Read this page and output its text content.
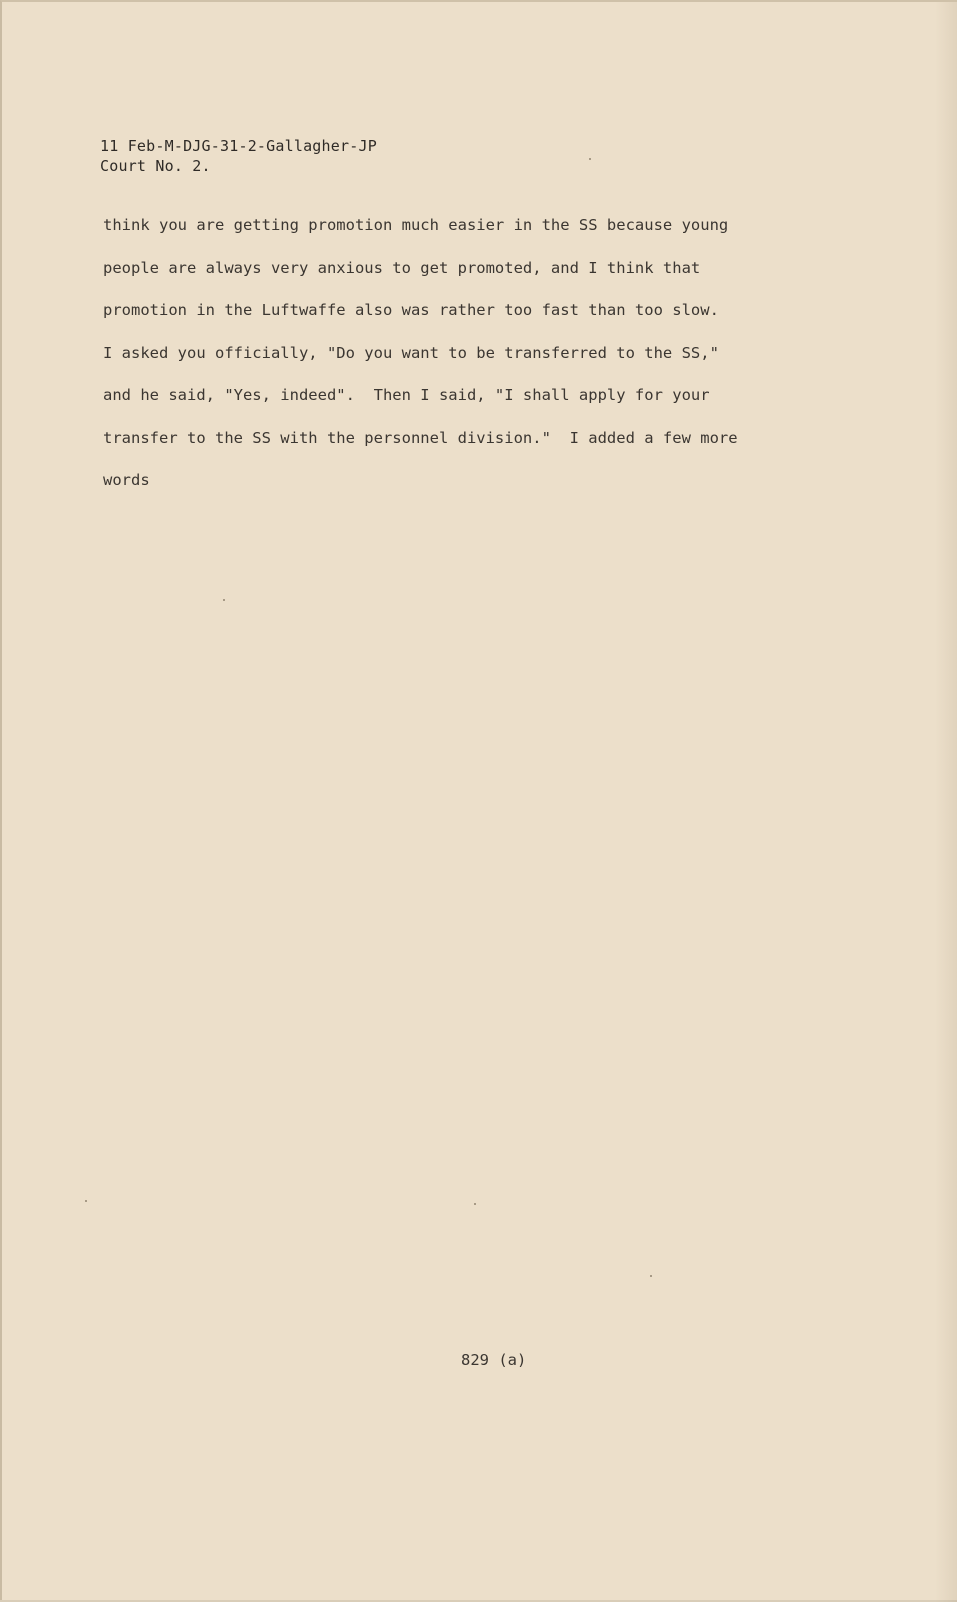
11 Feb-M-DJG-31-2-Gallagher-JP
Court No. 2.
think you are getting promotion much easier in the SS because young
people are always very anxious to get promoted, and I think that
promotion in the Luftwaffe also was rather too fast than too slow.
I asked you officially, "Do you want to be transferred to the SS,"
and he said, "Yes, indeed".  Then I said, "I shall apply for your
transfer to the SS with the personnel division."  I added a few more
words
829 (a)
